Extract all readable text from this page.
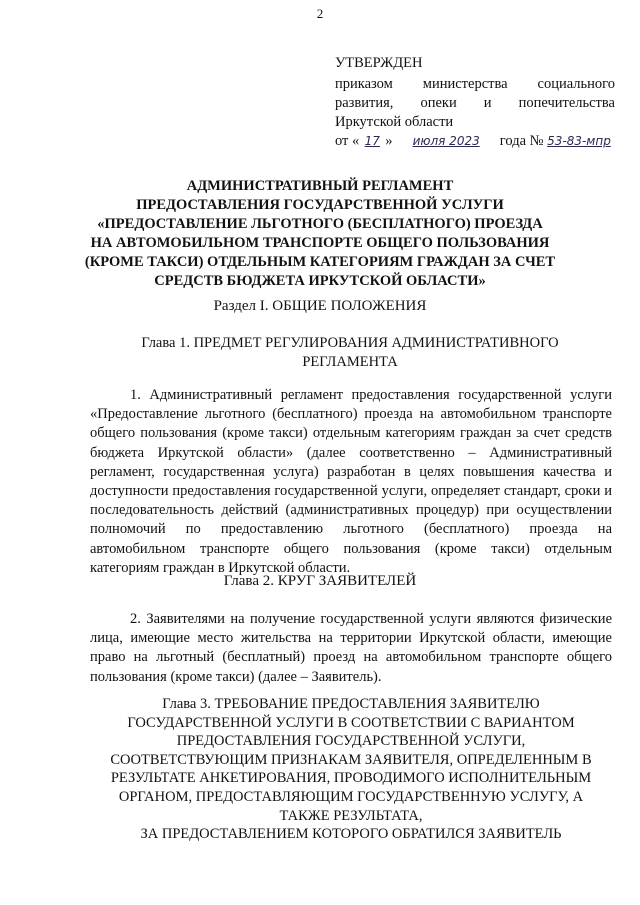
2
УТВЕРЖДЕН
приказом министерства социального
развития, опеки и попечительства
Иркутской области
от « 17 » июля 2023 года № 53-83-мпр
АДМИНИСТРАТИВНЫЙ РЕГЛАМЕНТ
ПРЕДОСТАВЛЕНИЯ ГОСУДАРСТВЕННОЙ УСЛУГИ
«ПРЕДОСТАВЛЕНИЕ ЛЬГОТНОГО (БЕСПЛАТНОГО) ПРОЕЗДА
НА АВТОМОБИЛЬНОМ ТРАНСПОРТЕ ОБЩЕГО ПОЛЬЗОВАНИЯ
(КРОМЕ ТАКСИ) ОТДЕЛЬНЫМ КАТЕГОРИЯМ ГРАЖДАН ЗА СЧЕТ
СРЕДСТВ БЮДЖЕТА ИРКУТСКОЙ ОБЛАСТИ»
Раздел I. ОБЩИЕ ПОЛОЖЕНИЯ
Глава 1. ПРЕДМЕТ РЕГУЛИРОВАНИЯ АДМИНИСТРАТИВНОГО РЕГЛАМЕНТА
1. Административный регламент предоставления государственной услуги «Предоставление льготного (бесплатного) проезда на автомобильном транспорте общего пользования (кроме такси) отдельным категориям граждан за счет средств бюджета Иркутской области» (далее соответственно – Административный регламент, государственная услуга) разработан в целях повышения качества и доступности предоставления государственной услуги, определяет стандарт, сроки и последовательность действий (административных процедур) при осуществлении полномочий по предоставлению льготного (бесплатного) проезда на автомобильном транспорте общего пользования (кроме такси) отдельным категориям граждан в Иркутской области.
Глава 2. КРУГ ЗАЯВИТЕЛЕЙ
2. Заявителями на получение государственной услуги являются физические лица, имеющие место жительства на территории Иркутской области, имеющие право на льготный (бесплатный) проезд на автомобильном транспорте общего пользования (кроме такси) (далее – Заявитель).
Глава 3. ТРЕБОВАНИЕ ПРЕДОСТАВЛЕНИЯ ЗАЯВИТЕЛЮ
ГОСУДАРСТВЕННОЙ УСЛУГИ В СООТВЕТСТВИИ С ВАРИАНТОМ
ПРЕДОСТАВЛЕНИЯ ГОСУДАРСТВЕННОЙ УСЛУГИ,
СООТВЕТСТВУЮЩИМ ПРИЗНАКАМ ЗАЯВИТЕЛЯ, ОПРЕДЕЛЕННЫМ В
РЕЗУЛЬТАТЕ АНКЕТИРОВАНИЯ, ПРОВОДИМОГО ИСПОЛНИТЕЛЬНЫМ
ОРГАНОМ, ПРЕДОСТАВЛЯЮЩИМ ГОСУДАРСТВЕННУЮ УСЛУГУ, А
ТАКЖЕ РЕЗУЛЬТАТА,
ЗА ПРЕДОСТАВЛЕНИЕМ КОТОРОГО ОБРАТИЛСЯ ЗАЯВИТЕЛЬ
